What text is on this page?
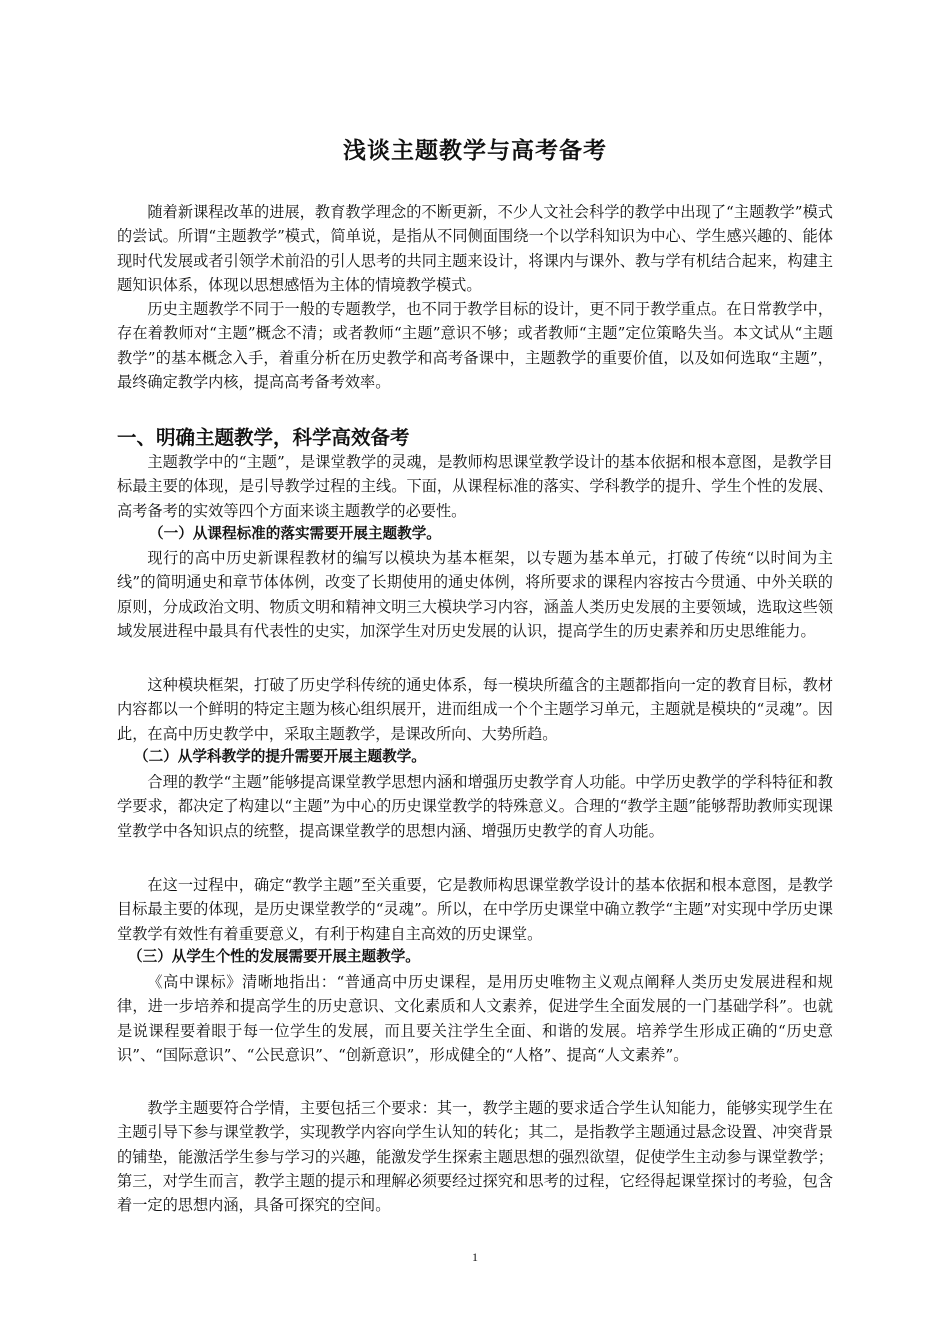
浅谈主题教学与高考备考

随着新课程改革的进展，教育教学理念的不断更新，不少人文社会科学的教学中出现了“主题教学”模式的尝试。所谓“主题教学”模式，简单说，是指从不同侧面围绕一个以学科知识为中心、学生感兴趣的、能体现时代发展或者引领学术前沿的引人思考的共同主题来设计，将课内与课外、教与学有机结合起来，构建主题知识体系，体现以思想感悟为主体的情境教学模式。

历史主题教学不同于一般的专题教学，也不同于教学目标的设计，更不同于教学重点。在日常教学中，存在着教师对“主题”概念不清；或者教师“主题”意识不够；或者教师“主题”定位策略失当。本文试从“主题教学”的基本概念入手，着重分析在历史教学和高考备课中，主题教学的重要价值，以及如何选取“主题”，最终确定教学内核，提高高考备考效率。

一、明确主题教学，科学高效备考

主题教学中的“主题”，是课堂教学的灵魂，是教师构思课堂教学设计的基本依据和根本意图，是教学目标最主要的体现，是引导教学过程的主线。下面，从课程标准的落实、学科教学的提升、学生个性的发展、高考备考的实效等四个方面来谈主题教学的必要性。

（一）从课程标准的落实需要开展主题教学。

现行的高中历史新课程教材的编写以模块为基本框架，以专题为基本单元，打破了传统“以时间为主线”的简明通史和章节体体例，改变了长期使用的通史体例，将所要求的课程内容按古今贯通、中外关联的原则，分成政治文明、物质文明和精神文明三大模块学习内容，涵盖人类历史发展的主要领域，选取这些领域发展进程中最具有代表性的史实，加深学生对历史发展的认识，提高学生的历史素养和历史思维能力。

这种模块框架，打破了历史学科传统的通史体系，每一模块所蕴含的主题都指向一定的教育目标，教材内容都以一个鲜明的特定主题为核心组织展开，进而组成一个个主题学习单元，主题就是模块的“灵魂”。因此，在高中历史教学中，采取主题教学，是课改所向、大势所趋。

（二）从学科教学的提升需要开展主题教学。

合理的教学“主题”能够提高课堂教学思想内涵和增强历史教学育人功能。中学历史教学的学科特征和教学要求，都决定了构建以“主题”为中心的历史课堂教学的特殊意义。合理的“教学主题”能够帮助教师实现课堂教学中各知识点的统整，提高课堂教学的思想内涵、增强历史教学的育人功能。

在这一过程中，确定“教学主题”至关重要，它是教师构思课堂教学设计的基本依据和根本意图，是教学目标最主要的体现，是历史课堂教学的“灵魂”。所以，在中学历史课堂中确立教学“主题”对实现中学历史课堂教学有效性有着重要意义，有利于构建自主高效的历史课堂。

（三）从学生个性的发展需要开展主题教学。

《高中课标》清晰地指出：“普通高中历史课程，是用历史唯物主义观点阐释人类历史发展进程和规律，进一步培养和提高学生的历史意识、文化素质和人文素养，促进学生全面发展的一门基础学科”。也就是说课程要着眼于每一位学生的发展，而且要关注学生全面、和谐的发展。培养学生形成正确的“历史意识”、“国际意识”、“公民意识”、“创新意识”，形成健全的“人格”、提高“人文素养”。

教学主题要符合学情，主要包括三个要求：其一，教学主题的要求适合学生认知能力，能够实现学生在主题引导下参与课堂教学，实现教学内容向学生认知的转化；其二，是指教学主题通过悬念设置、冲突背景的铺垫，能激活学生参与学习的兴趣，能激发学生探索主题思想的强烈欲望，促使学生主动参与课堂教学；第三，对学生而言，教学主题的提示和理解必须要经过探究和思考的过程，它经得起课堂探讨的考验，包含着一定的思想内涵，具备可探究的空间。

1
